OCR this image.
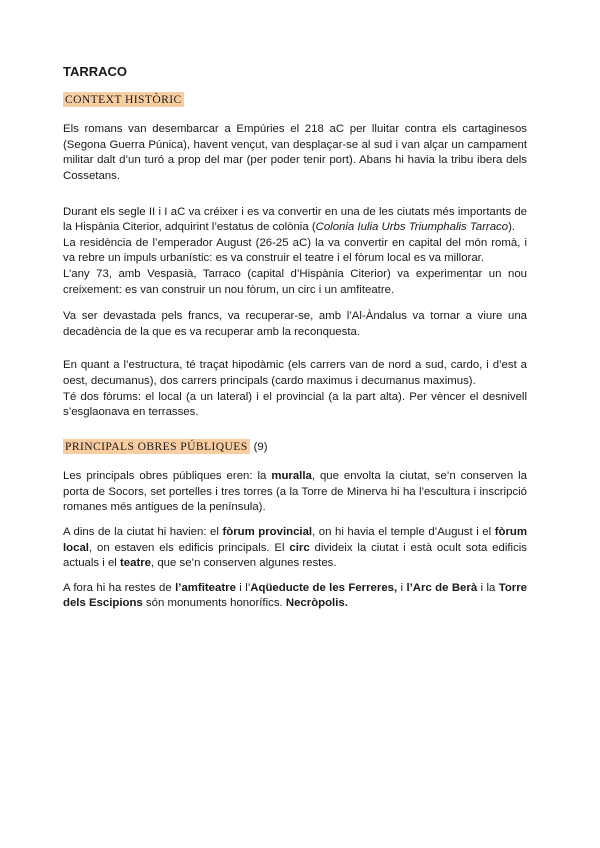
TARRACO
CONTEXT HISTÒRIC

Els romans van desembarcar a Empúries el 218 aC per lluitar contra els cartaginesos (Segona Guerra Púnica), havent vençut, van desplaçar-se al sud i van alçar un campament militar dalt d’un turó a prop del mar (per poder tenir port). Abans hi havia la tribu ibera dels Cossetans.

Durant els segle II i I aC va créixer i es va convertir en una de les ciutats més importants de la Hispània Citerior, adquirint l’estatus de colònia (Colonia Iulia Urbs Triumphalis Tarraco).

La residència de l’emperador August (26-25 aC) la va convertir en capital del món romà, i va rebre un impuls urbanístic: es va construir el teatre i el fòrum local es va millorar.

L’any 73, amb Vespasià, Tarraco (capital d’Hispània Citerior) va experimentar un nou creixement: es van construir un nou fòrum, un circ i un amfiteatre.

Va ser devastada pels francs, va recuperar-se, amb l’Al-Àndalus va tornar a viure una decadència de la que es va recuperar amb la reconquesta.

En quant a l’estructura, té traçat hipodàmic (els carrers van de nord a sud, cardo, i d’est a oest, decumanus), dos carrers principals (cardo maximus i decumanus maximus).

Té dos fòrums: el local (a un lateral) i el provincial (a la part alta). Per vèncer el desnivell s’esglaonava en terrasses.

PRINCIPALS OBRES PÚBLIQUES (9)

Les principals obres públiques eren: la muralla, que envolta la ciutat, se’n conserven la porta de Socors, set portelles i tres torres (a la Torre de Minerva hi ha l’escultura i inscripció romanes més antigues de la península).

A dins de la ciutat hi havien: el fòrum provincial, on hi havia el temple d’August i el fòrum local, on estaven els edificis principals. El circ divideix la ciutat i està ocult sota edificis actuals i el teatre, que se’n conserven algunes restes.

A fora hi ha restes de l’amfiteatre i l’Aqüeducte de les Ferreres, i l’Arc de Berà i la Torre dels Escipions són monuments honorífics. Necròpolis.
